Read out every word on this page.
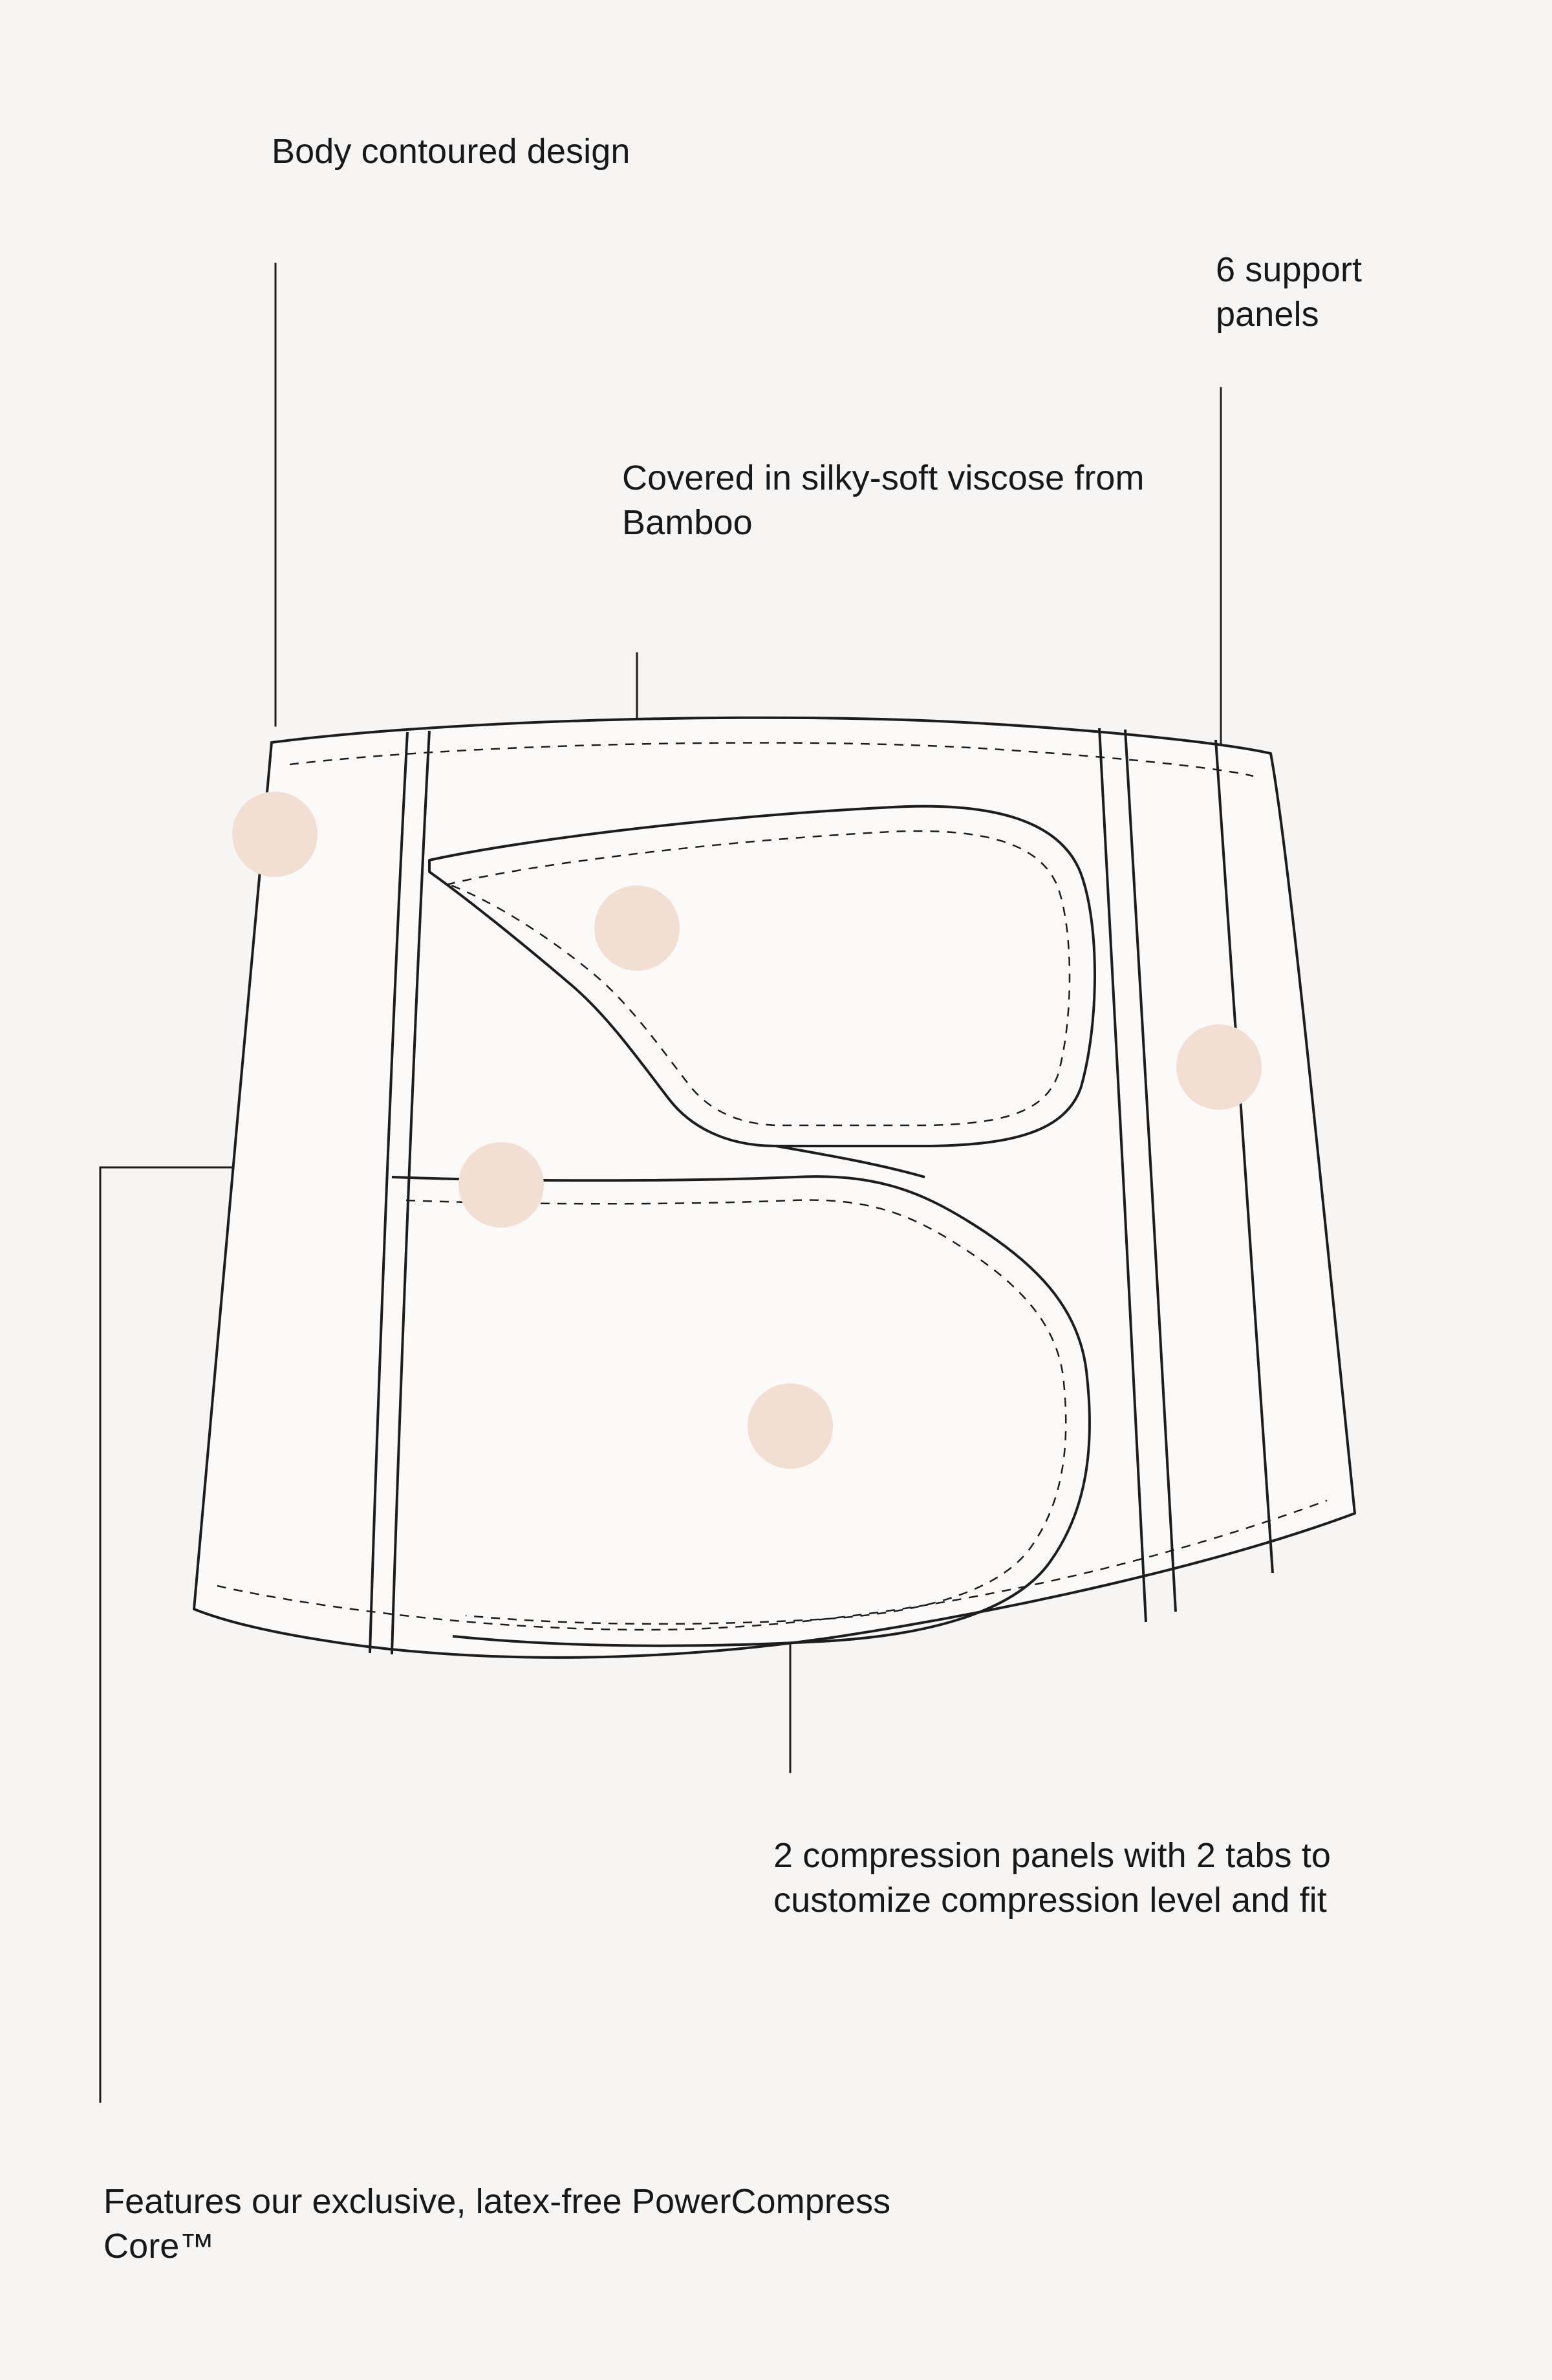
Body contoured design
6 support panels
Covered in silky-soft viscose from Bamboo
2 compression panels with 2 tabs to customize compression level and fit
Features our exclusive, latex-free PowerCompress Core™
